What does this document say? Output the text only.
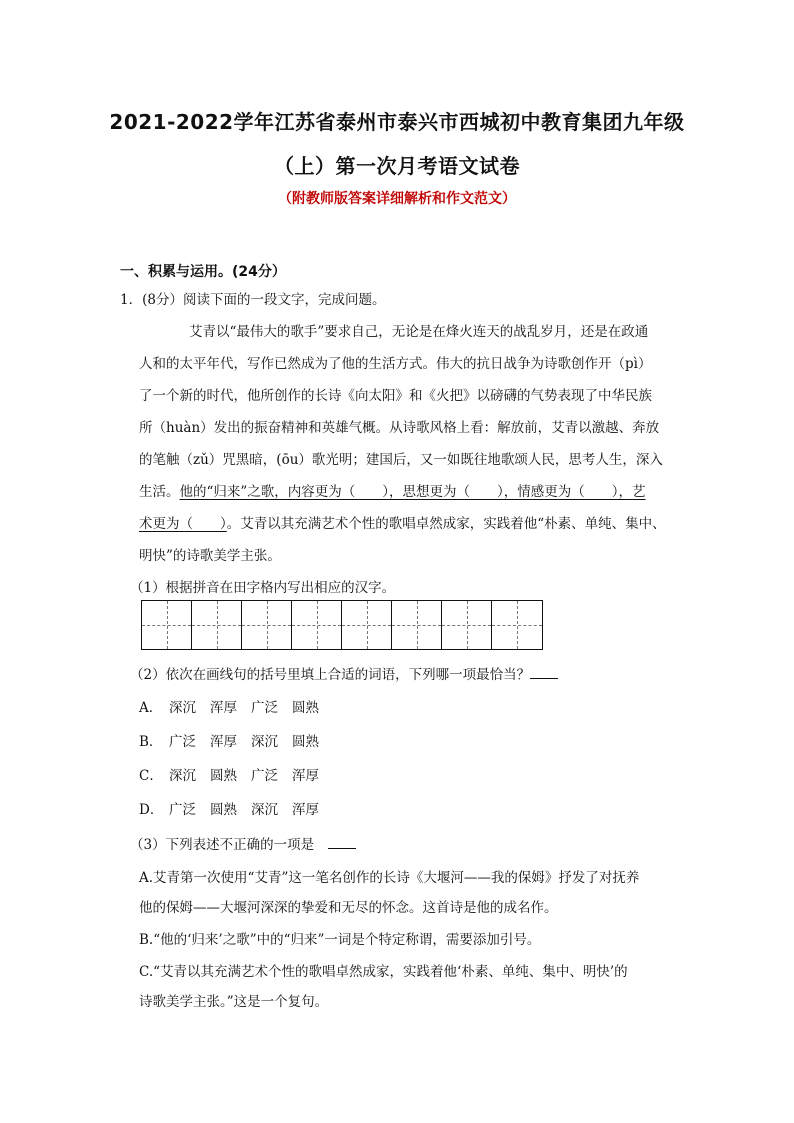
2021-2022学年江苏省泰州市泰兴市西城初中教育集团九年级
（上）第一次月考语文试卷
（附教师版答案详细解析和作文范文）
一、积累与运用。(24分）
1．(8分）阅读下面的一段文字，完成问题。
艾青以“最伟大的歌手”要求自己，无论是在烽火连天的战乱岁月，还是在政通
人和的太平年代，写作已然成为了他的生活方式。伟大的抗日战争为诗歌创作开（pì）
了一个新的时代，他所创作的长诗《向太阳》和《火把》以磅礴的气势表现了中华民族
所（huàn）发出的振奋精神和英雄气概。从诗歌风格上看：解放前，艾青以激越、奔放
的笔触（zǔ）咒黑暗，(ōu）歌光明；建国后，又一如既往地歌颂人民，思考人生，深入
生活。他的“归来”之歌，内容更为（　　），思想更为（　　），情感更为（　　），艺
术更为（　　）。艾青以其充满艺术个性的歌唱卓然成家，实践着他“朴素、单纯、集中、
明快”的诗歌美学主张。
（1）根据拼音在田字格内写出相应的汉字。
（2）依次在画线句的括号里填上合适的词语，下列哪一项最恰当？
A． 深沉 浑厚 广泛 圆熟
B． 广泛 浑厚 深沉 圆熟
C． 深沉 圆熟 广泛 浑厚
D． 广泛 圆熟 深沉 浑厚
（3）下列表述不正确的一项是 
A.艾青第一次使用“艾青”这一笔名创作的长诗《大堰河——我的保姆》抒发了对抚养
他的保姆——大堰河深深的挚爱和无尽的怀念。这首诗是他的成名作。
B.“他的‘归来’之歌”中的“归来”一词是个特定称谓，需要添加引号。
C.“艾青以其充满艺术个性的歌唱卓然成家，实践着他‘朴素、单纯、集中、明快’的
诗歌美学主张。”这是一个复句。
